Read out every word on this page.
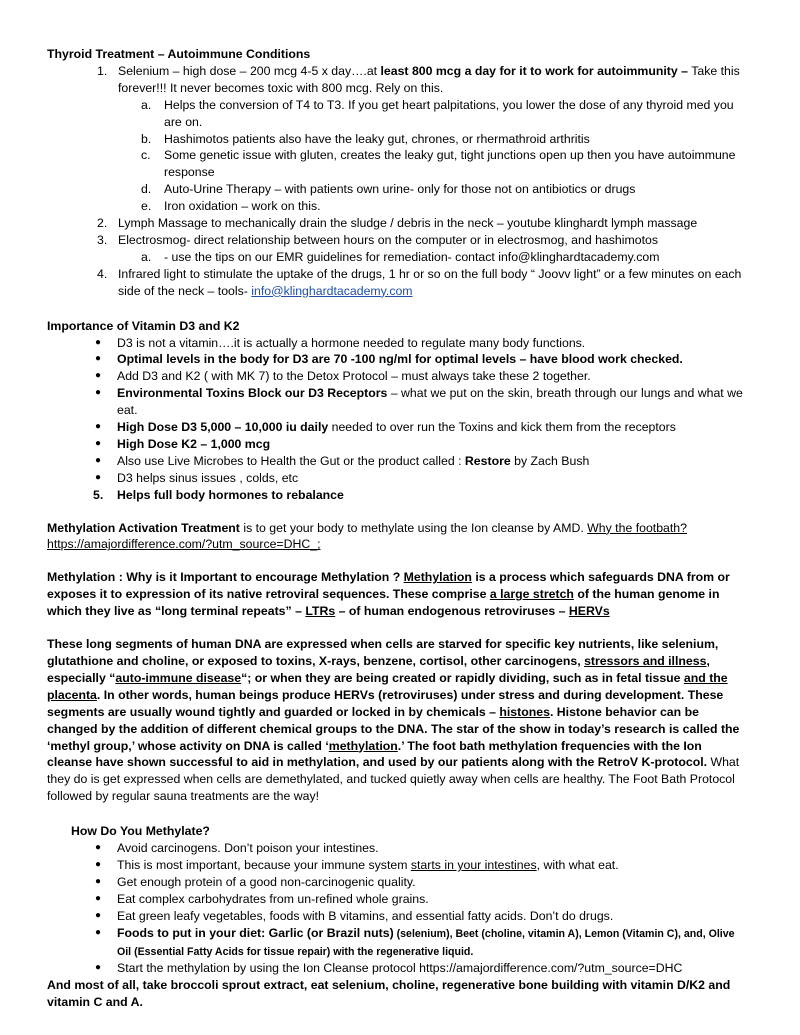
Thyroid Treatment – Autoimmune Conditions

1. Selenium – high dose – 200 mcg 4-5 x day….at least 800 mcg a day for it to work for autoimmunity – Take this forever!!! It never becomes toxic with 800 mcg. Rely on this.
a. Helps the conversion of T4 to T3. If you get heart palpitations, you lower the dose of any thyroid med you are on.
b. Hashimotos patients also have the leaky gut, chrones, or rhermathroid arthritis
c. Some genetic issue with gluten, creates the leaky gut, tight junctions open up then you have autoimmune response
d. Auto-Urine Therapy – with patients own urine- only for those not on antibiotics or drugs
e. Iron oxidation – work on this.
2. Lymph Massage to mechanically drain the sludge / debris in the neck – youtube klinghardt lymph massage
3. Electrosmog- direct relationship between hours on the computer or in electrosmog, and hashimotos
a. - use the tips on our EMR guidelines for remediation- contact info@klinghardtacademy.com
4. Infrared light to stimulate the uptake of the drugs, 1 hr or so on the full body “ Joovv light” or a few minutes on each side of the neck – tools- info@klinghardtacademy.com

Importance of Vitamin D3 and K2

● D3 is not a vitamin….it is actually a hormone needed to regulate many body functions.
● Optimal levels in the body for D3 are 70 -100 ng/ml for optimal levels – have blood work checked.
● Add D3 and K2 ( with MK 7) to the Detox Protocol – must always take these 2 together.
● Environmental Toxins Block our D3 Receptors – what we put on the skin, breath through our lungs and what we eat.
● High Dose D3 5,000 – 10,000 iu daily needed to over run the Toxins and kick them from the receptors
● High Dose K2 – 1,000 mcg
● Also use Live Microbes to Health the Gut or the product called : Restore by Zach Bush
● D3 helps sinus issues , colds, etc
5. Helps full body hormones to rebalance

Methylation Activation Treatment is to get your body to methylate using the Ion cleanse by AMD. Why the footbath?
https://amajordifference.com/?utm_source=DHC_;

Methylation : Why is it Important to encourage Methylation ? Methylation is a process which safeguards DNA from or exposes it to expression of its native retroviral sequences. These comprise a large stretch of the human genome in which they live as “long terminal repeats” – LTRs – of human endogenous retroviruses – HERVs

These long segments of human DNA are expressed when cells are starved for specific key nutrients, like selenium, glutathione and choline, or exposed to toxins, X-rays, benzene, cortisol, other carcinogens, stressors and illness, especially “auto-immune disease“; or when they are being created or rapidly dividing, such as in fetal tissue and the placenta. In other words, human beings produce HERVs (retroviruses) under stress and during development. These segments are usually wound tightly and guarded or locked in by chemicals – histones. Histone behavior can be changed by the addition of different chemical groups to the DNA. The star of the show in today’s research is called the ‘methyl group,’ whose activity on DNA is called ‘methylation.’ The foot bath methylation frequencies with the Ion cleanse have shown successful to aid in methylation, and used by our patients along with the RetroV K-protocol. What they do is get expressed when cells are demethylated, and tucked quietly away when cells are healthy. The Foot Bath Protocol followed by regular sauna treatments are the way!

How Do You Methylate?

● Avoid carcinogens. Don’t poison your intestines.
● This is most important, because your immune system starts in your intestines, with what eat.
● Get enough protein of a good non-carcinogenic quality.
● Eat complex carbohydrates from un-refined whole grains.
● Eat green leafy vegetables, foods with B vitamins, and essential fatty acids. Don’t do drugs.
● Foods to put in your diet: Garlic (or Brazil nuts) (selenium), Beet (choline, vitamin A), Lemon (Vitamin C), and, Olive Oil (Essential Fatty Acids for tissue repair) with the regenerative liquid.
● Start the methylation by using the Ion Cleanse protocol https://amajordifference.com/?utm_source=DHC

And most of all, take broccoli sprout extract, eat selenium, choline, regenerative bone building with vitamin D/K2 and vitamin C and A.
